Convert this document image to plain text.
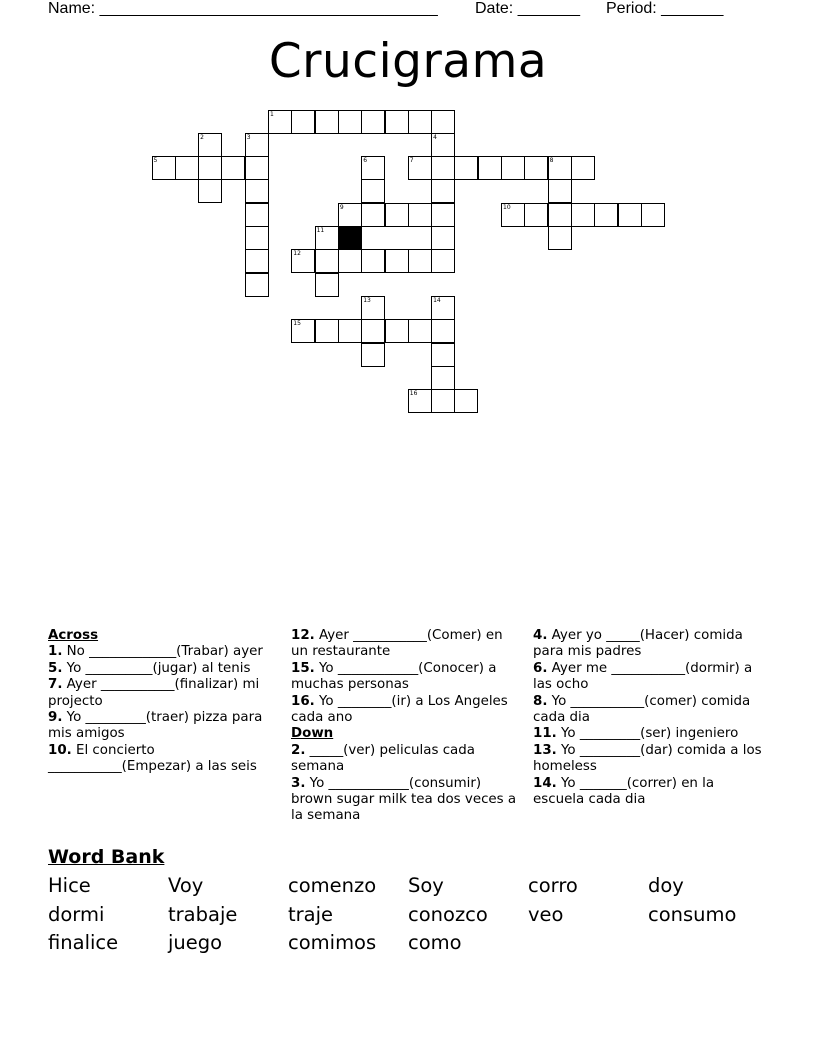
Name: ______________________________________ Date: _______ Period: _______
Crucigrama
1
2	3	4
5	6	7	8
9	10
11
12
13	14
15
16

Across

1. No _____________(Trabar) ayer

5. Yo __________(jugar) al tenis

7. Ayer ___________(finalizar) mi projecto

9. Yo _________(traer) pizza para mis amigos

10. El concierto ___________(Empezar) a las seis

12. Ayer ___________(Comer) en un restaurante

15. Yo ____________(Conocer) a muchas personas

16. Yo ________(ir) a Los Angeles cada ano

Down

2. _____(ver) peliculas cada semana

3. Yo ____________(consumir) brown sugar milk tea dos veces a la semana

4. Ayer yo _____(Hacer) comida para mis padres

6. Ayer me ___________(dormir) a las ocho

8. Yo ___________(comer) comida cada dia

11. Yo _________(ser) ingeniero

13. Yo _________(dar) comida a los homeless

14. Yo _______(correr) en la escuela cada dia

Word Bank
Hice	Voy	comenzo Soy	corro	doy
dormi	trabaje	traje	conozco veo	consumo
finalice	juego	comimos como
